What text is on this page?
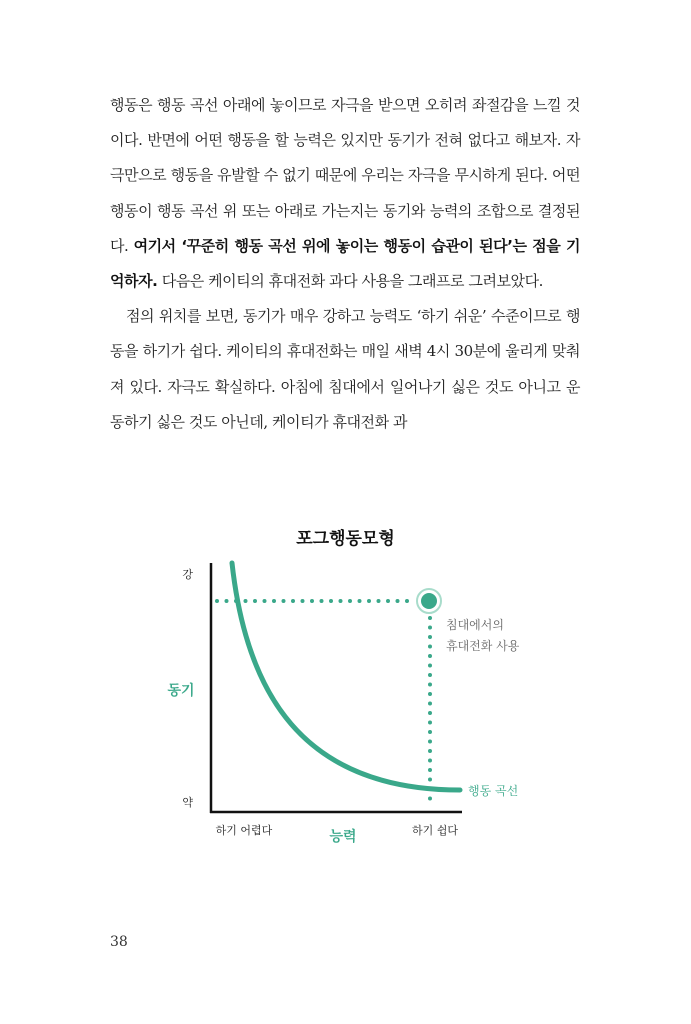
행동은 행동 곡선 아래에 놓이므로 자극을 받으면 오히려 좌절감을 느낄 것이다. 반면에 어떤 행동을 할 능력은 있지만 동기가 전혀 없다고 해보자. 자극만으로 행동을 유발할 수 없기 때문에 우리는 자극을 무시하게 된다. 어떤 행동이 행동 곡선 위 또는 아래로 가는지는 동기와 능력의 조합으로 결정된다. 여기서 ‘꾸준히 행동 곡선 위에 놓이는 행동이 습관이 된다’는 점을 기억하자. 다음은 케이티의 휴대전화 과다 사용을 그래프로 그려보았다.

점의 위치를 보면, 동기가 매우 강하고 능력도 ‘하기 쉬운’ 수준이므로 행동을 하기가 쉽다. 케이티의 휴대전화는 매일 새벽 4시 30분에 울리게 맞춰져 있다. 자극도 확실하다. 아침에 침대에서 일어나기 싫은 것도 아니고 운동하기 싫은 것도 아닌데, 케이티가 휴대전화 과

포그행동모형
강
약
동기
하기 어렵다	능력	하기 쉽다
침대에서의
휴대전화 사용
행동 곡선
38
